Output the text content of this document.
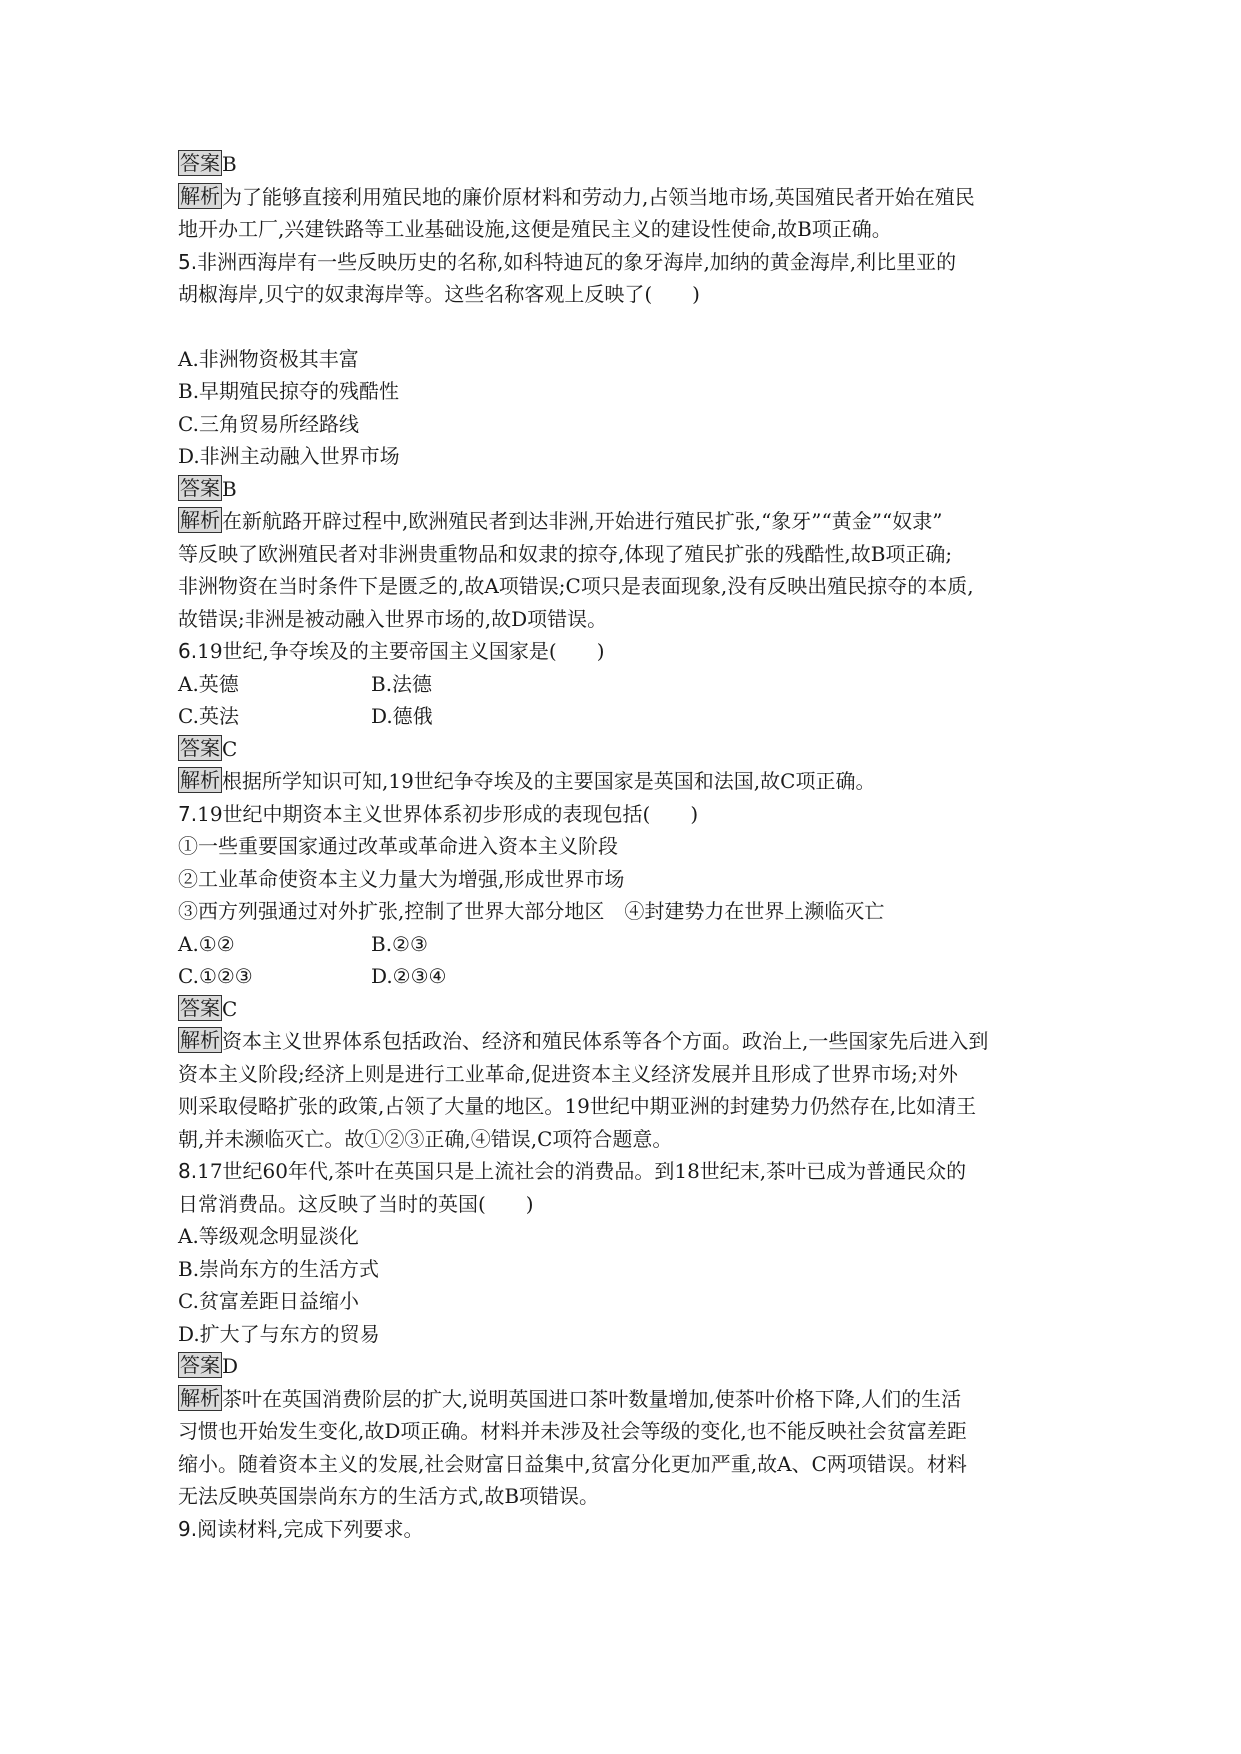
答案 B
解析 为了能够直接利用殖民地的廉价原材料和劳动力,占领当地市场,英国殖民者开始在殖民
地开办工厂,兴建铁路等工业基础设施,这便是殖民主义的建设性使命,故B项正确。
5.非洲西海岸有一些反映历史的名称,如科特迪瓦的象牙海岸,加纳的黄金海岸,利比里亚的
胡椒海岸,贝宁的奴隶海岸等。这些名称客观上反映了(　　)
A.非洲物资极其丰富
B.早期殖民掠夺的残酷性
C.三角贸易所经路线
D.非洲主动融入世界市场
答案 B
解析 在新航路开辟过程中,欧洲殖民者到达非洲,开始进行殖民扩张,“象牙”“黄金”“奴隶”
等反映了欧洲殖民者对非洲贵重物品和奴隶的掠夺,体现了殖民扩张的残酷性,故B项正确;
非洲物资在当时条件下是匮乏的,故A项错误;C项只是表面现象,没有反映出殖民掠夺的本质,
故错误;非洲是被动融入世界市场的,故D项错误。
6.19世纪,争夺埃及的主要帝国主义国家是(　　)
A.英德	B.法德
C.英法	D.德俄
答案 C
解析 根据所学知识可知,19世纪争夺埃及的主要国家是英国和法国,故C项正确。
7.19世纪中期资本主义世界体系初步形成的表现包括(　　)
①一些重要国家通过改革或革命进入资本主义阶段
②工业革命使资本主义力量大为增强,形成世界市场
③西方列强通过对外扩张,控制了世界大部分地区　④封建势力在世界上濒临灭亡
A.①②	B.②③
C.①②③	D.②③④
答案 C
解析 资本主义世界体系包括政治、经济和殖民体系等各个方面。政治上,一些国家先后进入到
资本主义阶段;经济上则是进行工业革命,促进资本主义经济发展并且形成了世界市场;对外
则采取侵略扩张的政策,占领了大量的地区。19世纪中期亚洲的封建势力仍然存在,比如清王
朝,并未濒临灭亡。故①②③正确,④错误,C项符合题意。
8.17世纪60年代,茶叶在英国只是上流社会的消费品。到18世纪末,茶叶已成为普通民众的
日常消费品。这反映了当时的英国(　　)
A.等级观念明显淡化
B.崇尚东方的生活方式
C.贫富差距日益缩小
D.扩大了与东方的贸易
答案 D
解析 茶叶在英国消费阶层的扩大,说明英国进口茶叶数量增加,使茶叶价格下降,人们的生活
习惯也开始发生变化,故D项正确。材料并未涉及社会等级的变化,也不能反映社会贫富差距
缩小。随着资本主义的发展,社会财富日益集中,贫富分化更加严重,故A、C两项错误。材料
无法反映英国崇尚东方的生活方式,故B项错误。
9.阅读材料,完成下列要求。
